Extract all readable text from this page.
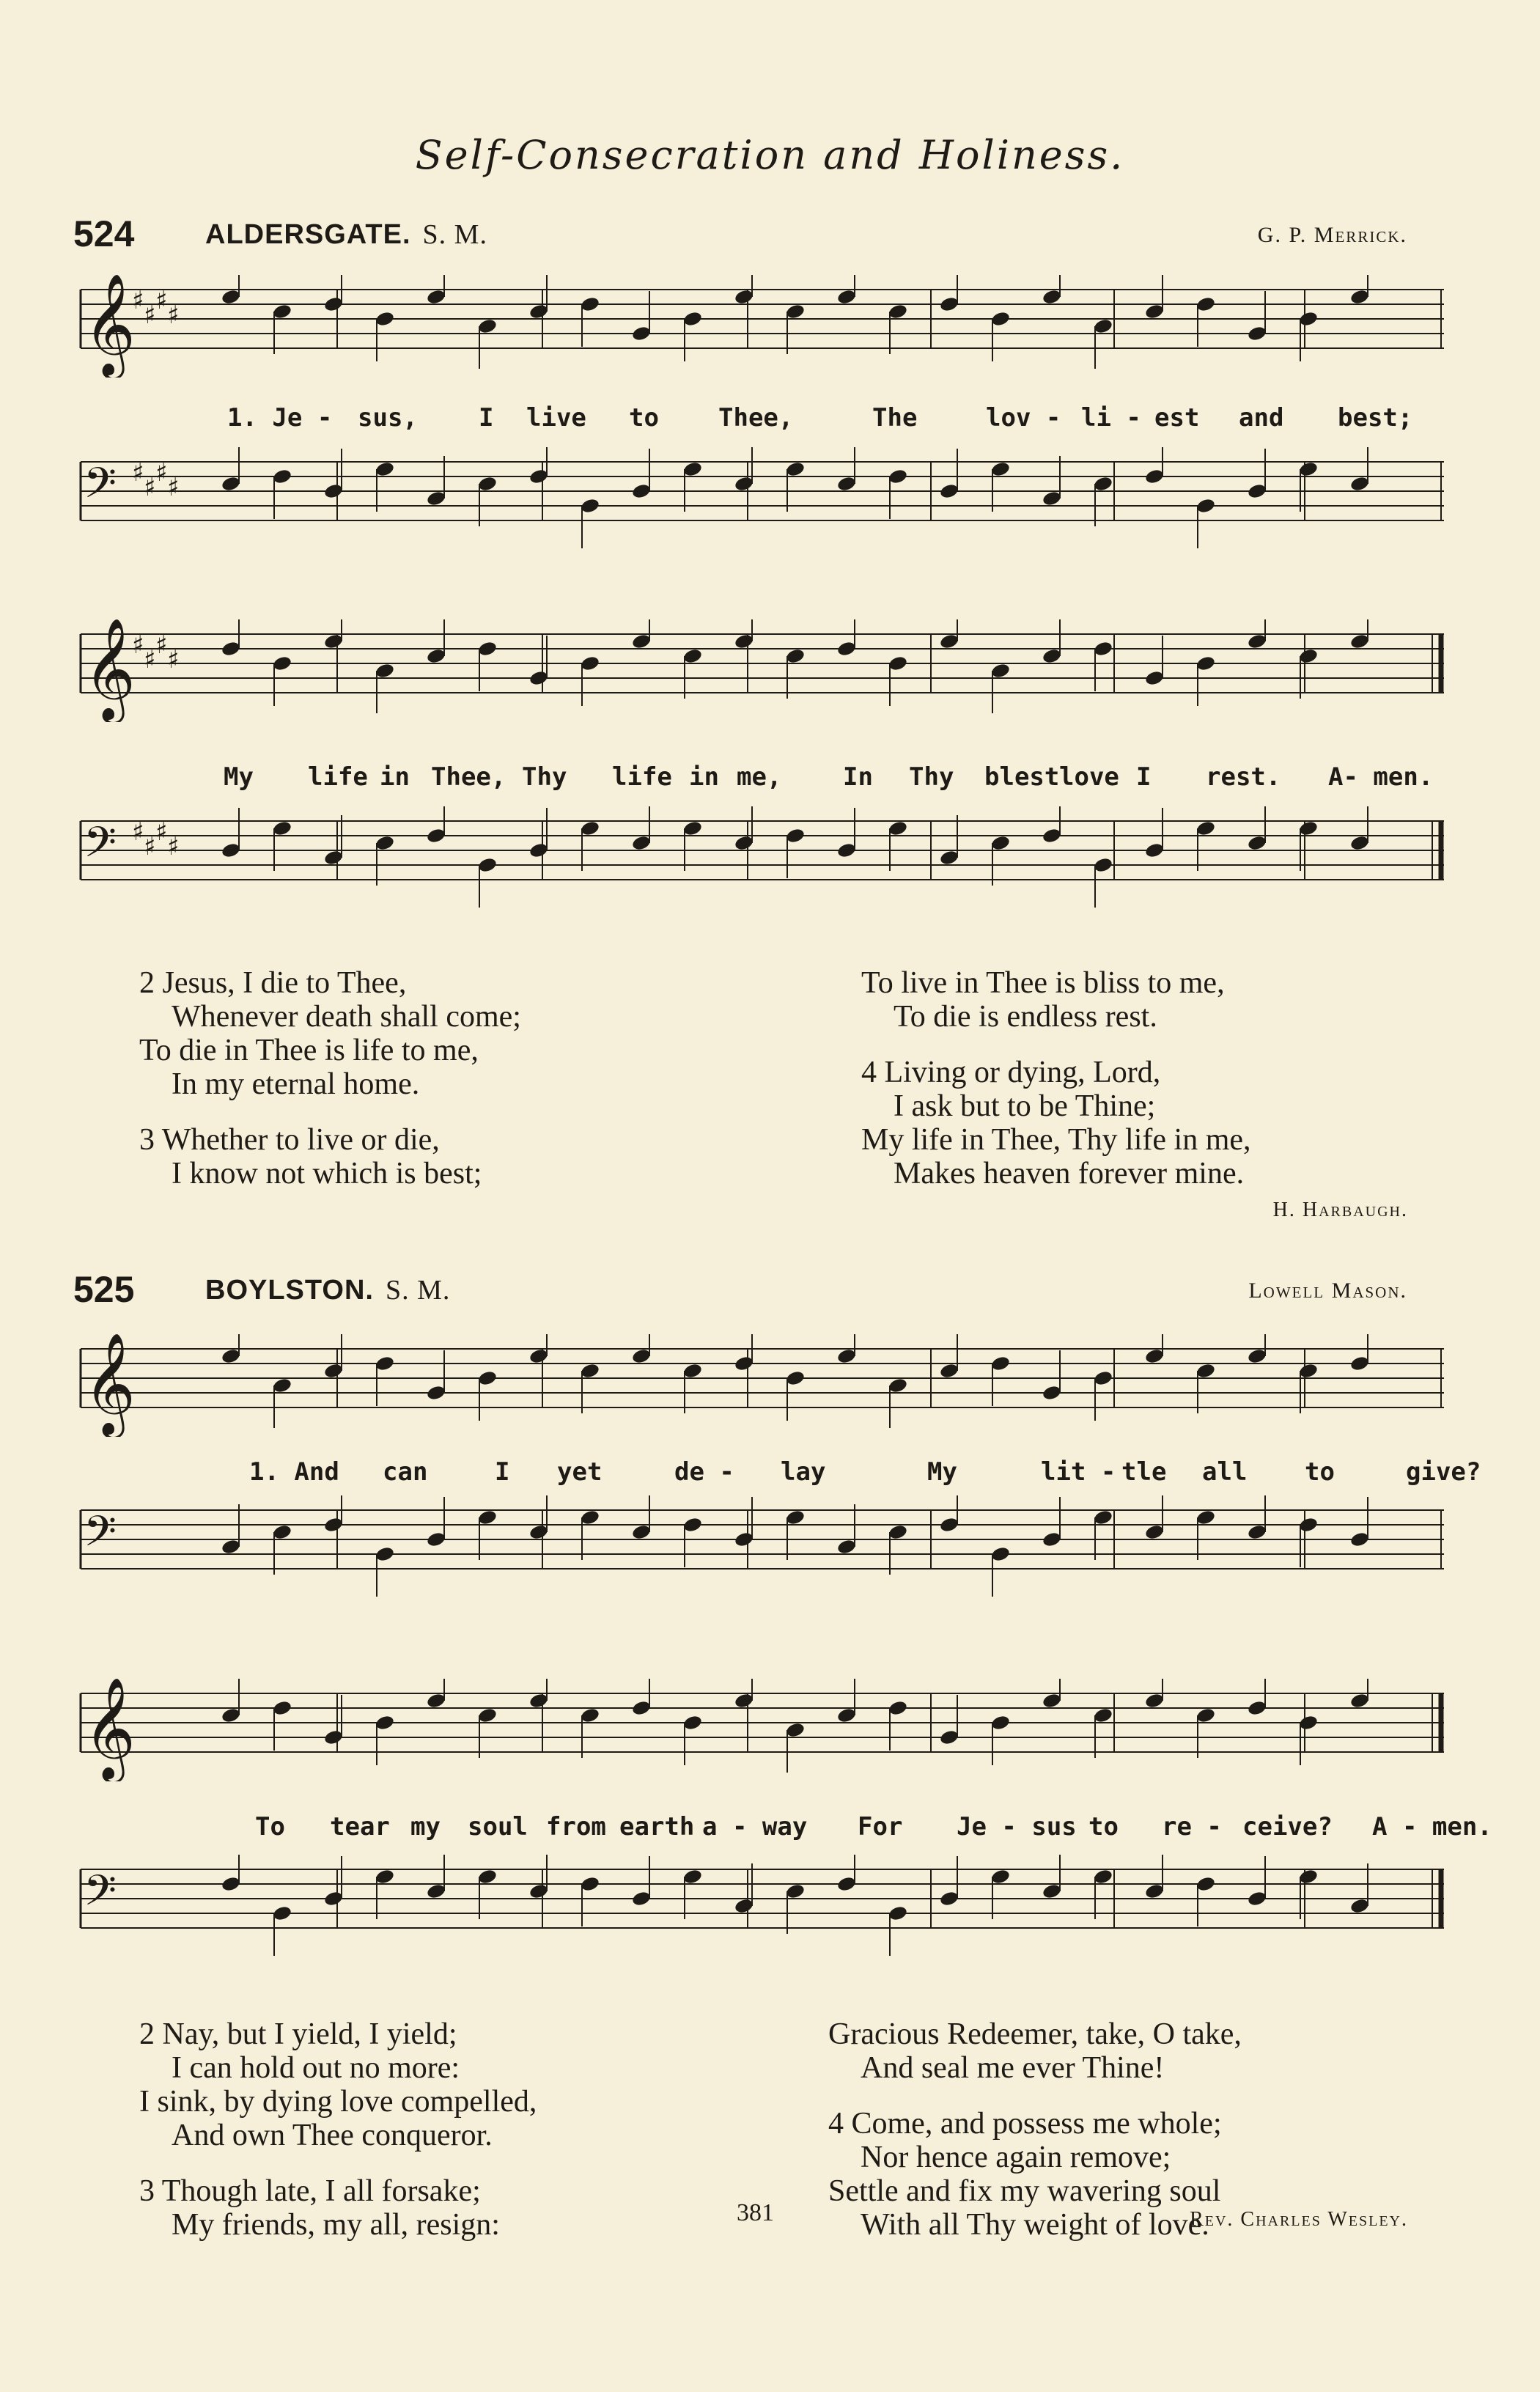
Self-Consecration and Holiness.
524	ALDERSGATE. S. M.	G. P. Merrick.
𝄞
♯ ♯ ♯ ♯
1. Je - sus, I live to Thee,	The	lov - li - est and best;
𝄢 ♯ ♯ ♯ ♯
𝄞
♯ ♯ ♯ ♯
My life in Thee, Thy life in me, In Thy blest love I rest. A- men.
𝄢 ♯ ♯ ♯ ♯

2 Jesus, I die to Thee,

Whenever death shall come;

To die in Thee is life to me,

In my eternal home.

3 Whether to live or die,

I know not which is best;

To live in Thee is bliss to me,

To die is endless rest.

4 Living or dying, Lord,

I ask but to be Thine;

My life in Thee, Thy life in me,

Makes heaven forever mine.

H. Harbaugh.
525	BOYLSTON. S. M.	Lowell Mason.
𝄞
1. And can	I yet	de - lay	My	lit - tle all to	give?
𝄢
𝄞
To tear my soul from earth a - way For Je - sus to re - ceive? A - men.
𝄢

2 Nay, but I yield, I yield;

I can hold out no more:

I sink, by dying love compelled,

And own Thee conqueror.

3 Though late, I all forsake;

My friends, my all, resign:

Gracious Redeemer, take, O take,

And seal me ever Thine!

4 Come, and possess me whole;

Nor hence again remove;

Settle and fix my wavering soul

With all Thy weight of love.

381	Rev. Charles Wesley.
